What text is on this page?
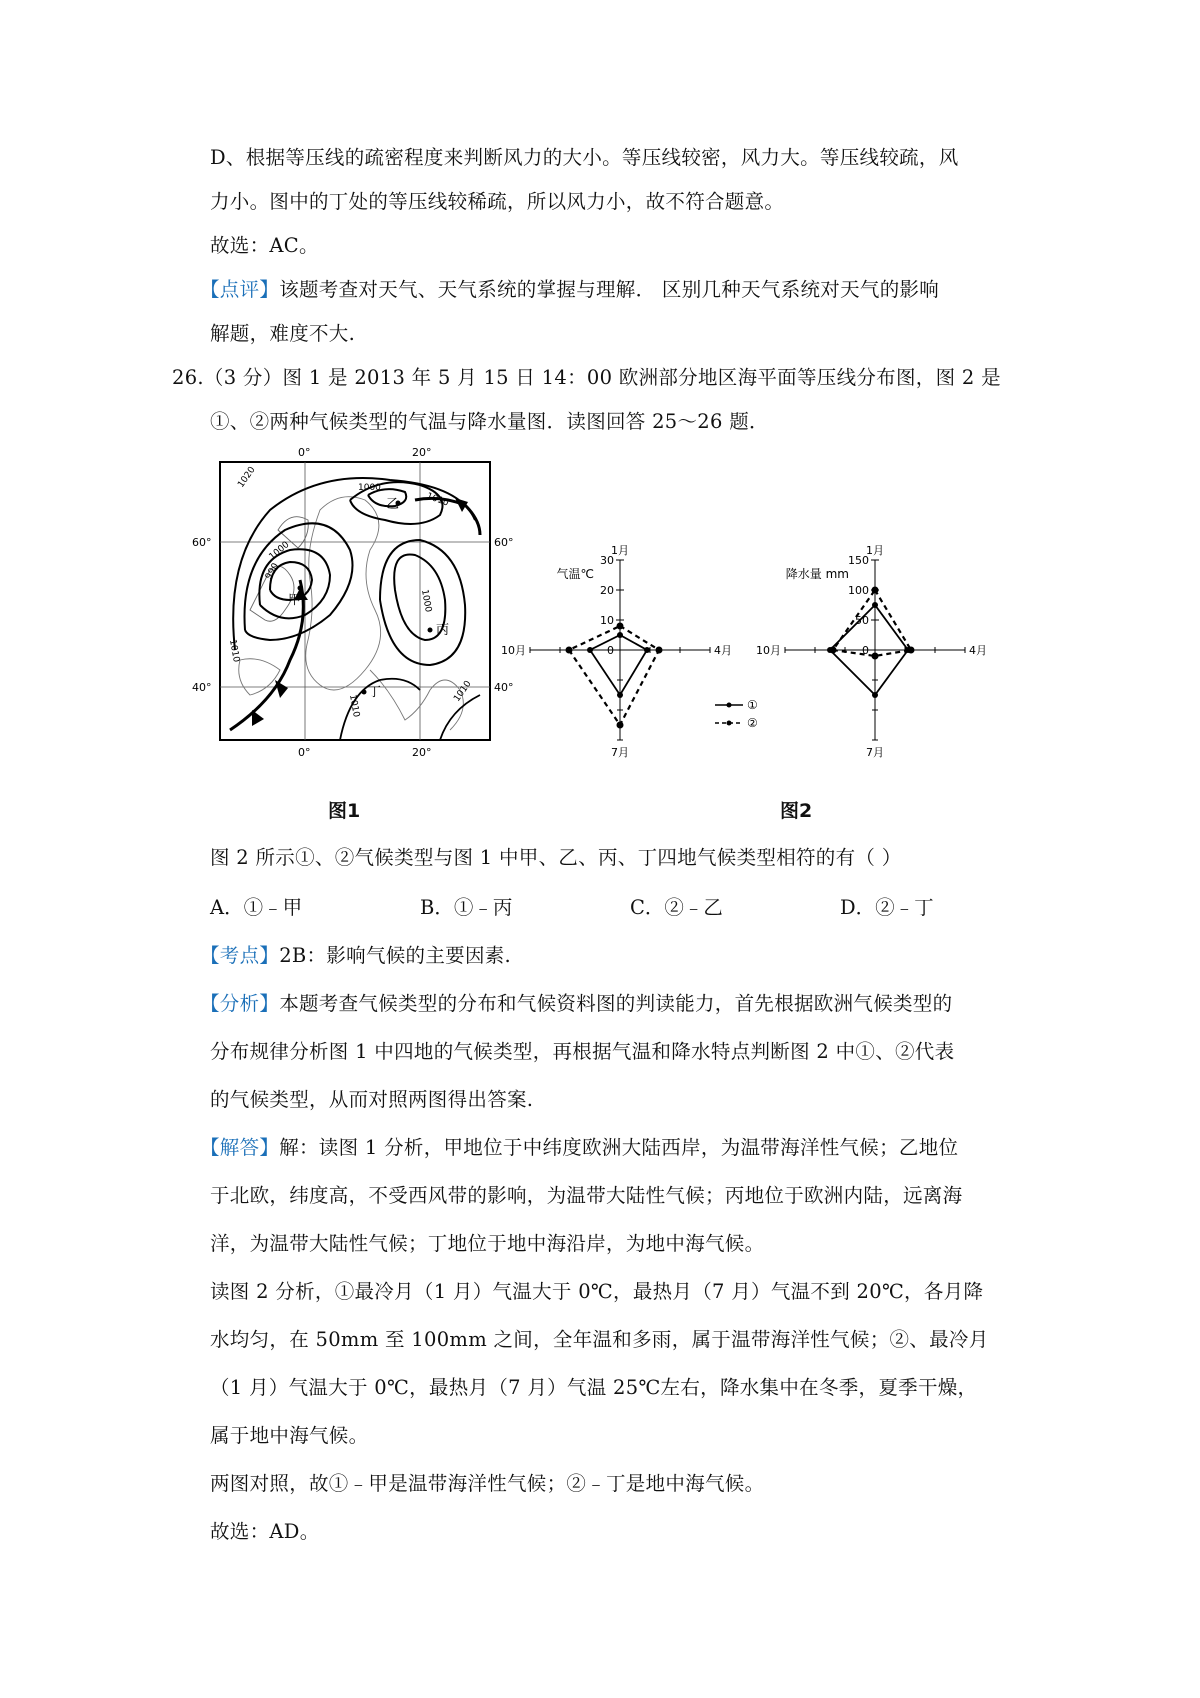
D、根据等压线的疏密程度来判断风力的大小。等压线较密，风力大。等压线较疏，风
力小。图中的丁处的等压线较稀疏，所以风力小，故不符合题意。
故选：AC。
【点评】该题考查对天气、天气系统的掌握与理解． 区别几种天气系统对天气的影响
解题，难度不大.
26.（3 分）图 1 是 2013 年 5 月 15 日 14：00 欧洲部分地区海平面等压线分布图，图 2 是
①、②两种气候类型的气温与降水量图．读图回答 25～26 题．
0°	20°
0°	20°
60°
40°
60°
40°
1020	1000
1010
1000
990
1010
1000
1010
1010
乙
甲
丙
丁
图1
30
20
10
0
1月
4月
7月
10月
气温℃
150
100
50
0
1月
4月
7月
10月
降水量 mm
①
②
图2
图 2 所示①、②气候类型与图 1 中甲、乙、丙、丁四地气候类型相符的有（ ）
A．①﹣甲	B．①﹣丙	C．②﹣乙	D．②﹣丁
【考点】2B：影响气候的主要因素.
【分析】本题考查气候类型的分布和气候资料图的判读能力，首先根据欧洲气候类型的
分布规律分析图 1 中四地的气候类型，再根据气温和降水特点判断图 2 中①、②代表
的气候类型，从而对照两图得出答案.
【解答】解：读图 1 分析，甲地位于中纬度欧洲大陆西岸，为温带海洋性气候；乙地位
于北欧，纬度高，不受西风带的影响，为温带大陆性气候；丙地位于欧洲内陆，远离海
洋，为温带大陆性气候；丁地位于地中海沿岸，为地中海气候。
读图 2 分析，①最冷月（1 月）气温大于 0℃，最热月（7 月）气温不到 20℃，各月降
水均匀，在 50mm 至 100mm 之间，全年温和多雨，属于温带海洋性气候；②、最冷月
（1 月）气温大于 0℃，最热月（7 月）气温 25℃左右，降水集中在冬季，夏季干燥，
属于地中海气候。
两图对照，故①﹣甲是温带海洋性气候；②﹣丁是地中海气候。
故选：AD。
